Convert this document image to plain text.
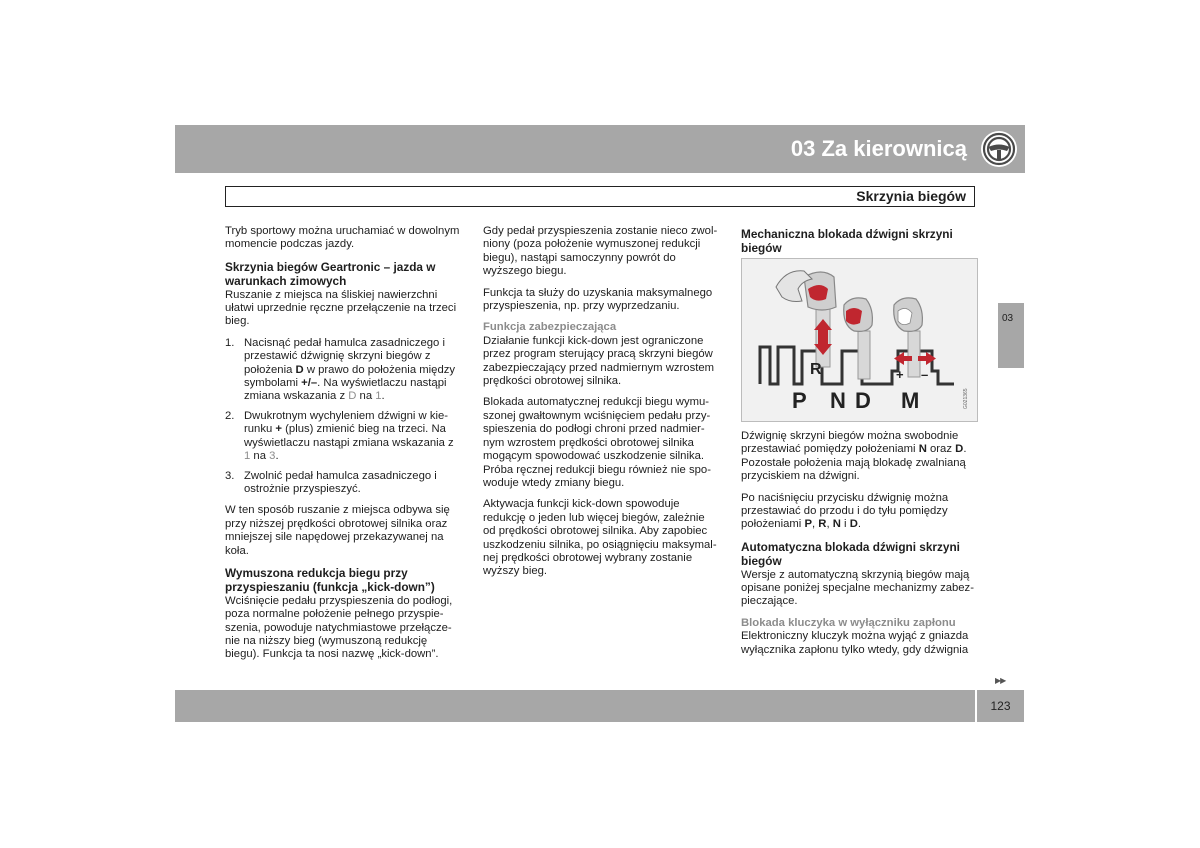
03 Za kierownicą
Skrzynia biegów

Tryb sportowy można uruchamiać w dowolnym momencie podczas jazdy.

Skrzynia biegów Geartronic – jazda w warunkach zimowych

Ruszanie z miejsca na śliskiej nawierzchni ułatwi uprzednie ręczne przełączenie na trzeci bieg.

1. Nacisnąć pedał hamulca zasadniczego i przestawić dźwignię skrzyni biegów z położenia D w prawo do położenia między symbolami +/–. Na wyświetlaczu nastąpi zmiana wskazania z D na 1.
2. Dwukrotnym wychyleniem dźwigni w kierunku + (plus) zmienić bieg na trzeci. Na wyświetlaczu nastąpi zmiana wskazania z 1 na 3.
3. Zwolnić pedał hamulca zasadniczego i ostrożnie przyspieszyć.

W ten sposób ruszanie z miejsca odbywa się przy niższej prędkości obrotowej silnika oraz mniejszej sile napędowej przekazywanej na koła.

Wymuszona redukcja biegu przy przyspieszaniu (funkcja „kick-down”)

Wciśnięcie pedału przyspieszenia do podłogi, poza normalne położenie pełnego przyspieszenia, powoduje natychmiastowe przełączenie na niższy bieg (wymuszoną redukcję biegu). Funkcja ta nosi nazwę „kick-down”.

Gdy pedał przyspieszenia zostanie nieco zwolniony (poza położenie wymuszonej redukcji biegu), nastąpi samoczynny powrót do wyższego biegu.

Funkcja ta służy do uzyskania maksymalnego przyspieszenia, np. przy wyprzedzaniu.

Funkcja zabezpieczająca

Działanie funkcji kick-down jest ograniczone przez program sterujący pracą skrzyni biegów zabezpieczający przed nadmiernym wzrostem prędkości obrotowej silnika.

Blokada automatycznej redukcji biegu wymuszonej gwałtownym wciśnięciem pedału przyspieszenia do podłogi chroni przed nadmiernym wzrostem prędkości obrotowej silnika mogącym spowodować uszkodzenie silnika. Próba ręcznej redukcji biegu również nie spowoduje wtedy zmiany biegu.

Aktywacja funkcji kick-down spowoduje redukcję o jeden lub więcej biegów, zależnie od prędkości obrotowej silnika. Aby zapobiec uszkodzeniu silnika, po osiągnięciu maksymalnej prędkości obrotowej wybrany zostanie wyższy bieg.

Mechaniczna blokada dźwigni skrzyni biegów
R	+ –
P N D M	G021365

Dźwignię skrzyni biegów można swobodnie przestawiać pomiędzy położeniami N oraz D. Pozostałe położenia mają blokadę zwalnianą przyciskiem na dźwigni.

Po naciśnięciu przycisku dźwignię można przestawiać do przodu i do tyłu pomiędzy położeniami P, R, N i D.

Automatyczna blokada dźwigni skrzyni biegów

Wersje z automatyczną skrzynią biegów mają opisane poniżej specjalne mechanizmy zabezpieczające.

Blokada kluczyka w wyłączniku zapłonu

Elektroniczny kluczyk można wyjąć z gniazda wyłącznika zapłonu tylko wtedy, gdy dźwignia

03
▶▶
123
